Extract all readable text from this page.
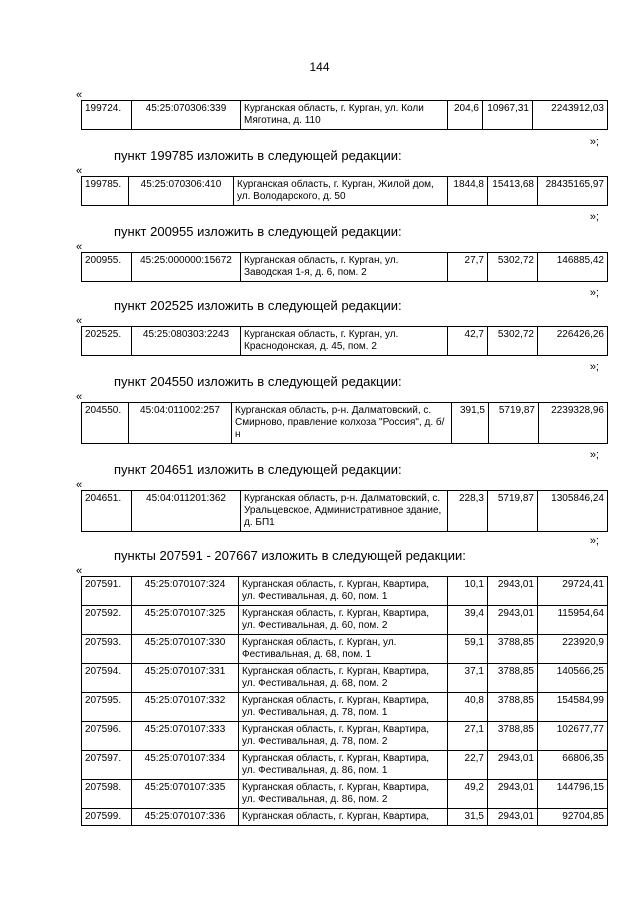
144
«
199724.	45:25:070306:339	Курганская область, г. Курган, ул. Коли Мяготина, д. 110	204,6	10967,31	2243912,03
»;
пункт 199785 изложить в следующей редакции:
«
199785.	45:25:070306:410	Курганская область, г. Курган, Жилой дом, ул. Володарского, д. 50	1844,8	15413,68	28435165,97
»;
пункт 200955 изложить в следующей редакции:
«
200955.	45:25:000000:15672	Курганская область, г. Курган, ул. Заводская 1-я, д. 6, пом. 2	27,7	5302,72	146885,42
»;
пункт 202525 изложить в следующей редакции:
«
202525.	45:25:080303:2243	Курганская область, г. Курган, ул. Краснодонская, д. 45, пом. 2	42,7	5302,72	226426,26
»;
пункт 204550 изложить в следующей редакции:
«
204550.	45:04:011002:257	Курганская область, р-н. Далматовский, с. Смирново, правление колхоза "Россия", д. б/н	391,5	5719,87	2239328,96
»;
пункт 204651 изложить в следующей редакции:
«
204651.	45:04:011201:362	Курганская область, р-н. Далматовский, с. Уральцевское, Административное здание, д. БП1	228,3	5719,87	1305846,24
»;
пункты 207591 - 207667 изложить в следующей редакции:
«
207591.	45:25:070107:324	Курганская область, г. Курган, Квартира, ул. Фестивальная, д. 60, пом. 1	10,1	2943,01	29724,41
207592.	45:25:070107:325	Курганская область, г. Курган, Квартира, ул. Фестивальная, д. 60, пом. 2	39,4	2943,01	115954,64
207593.	45:25:070107:330	Курганская область, г. Курган, ул. Фестивальная, д. 68, пом. 1	59,1	3788,85	223920,9
207594.	45:25:070107:331	Курганская область, г. Курган, Квартира, ул. Фестивальная, д. 68, пом. 2	37,1	3788,85	140566,25
207595.	45:25:070107:332	Курганская область, г. Курган, Квартира, ул. Фестивальная, д. 78, пом. 1	40,8	3788,85	154584,99
207596.	45:25:070107:333	Курганская область, г. Курган, Квартира, ул. Фестивальная, д. 78, пом. 2	27,1	3788,85	102677,77
207597.	45:25:070107:334	Курганская область, г. Курган, Квартира, ул. Фестивальная, д. 86, пом. 1	22,7	2943,01	66806,35
207598.	45:25:070107:335	Курганская область, г. Курган, Квартира, ул. Фестивальная, д. 86, пом. 2	49,2	2943,01	144796,15
207599.	45:25:070107:336	Курганская область, г. Курган, Квартира,	31,5	2943,01	92704,85
